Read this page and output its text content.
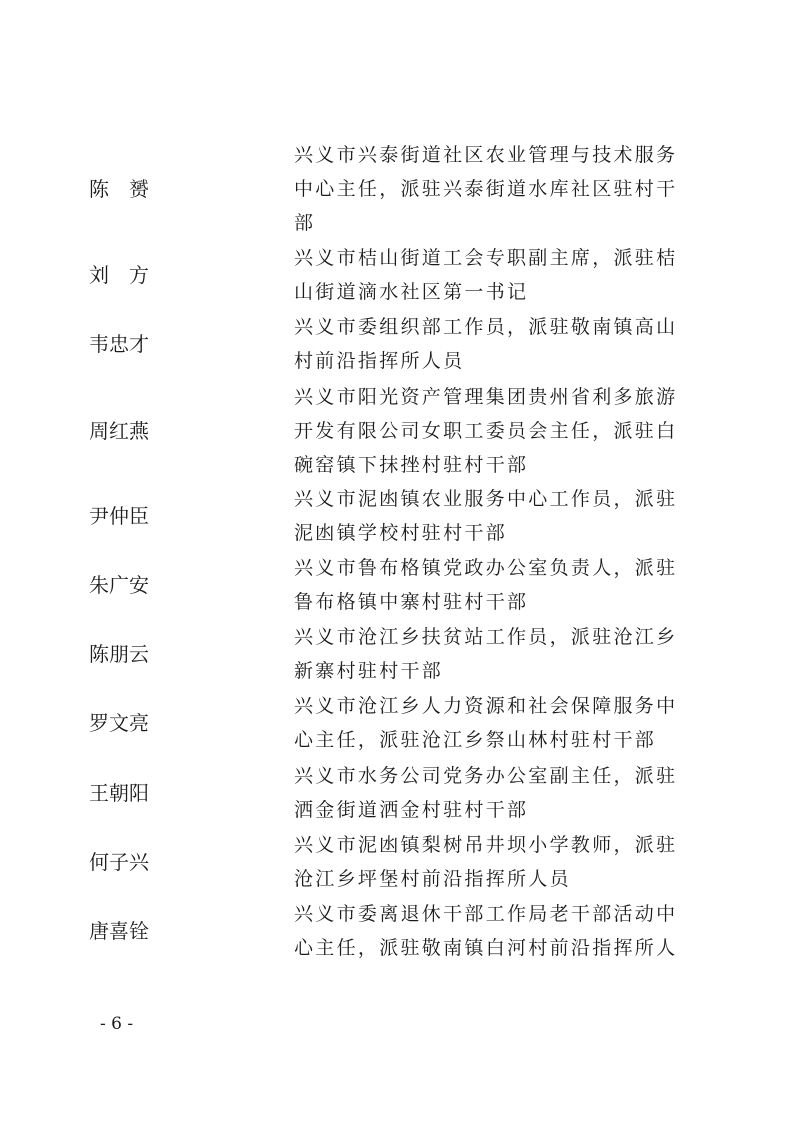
陈　赟
兴义市兴泰街道社区农业管理与技术服务
中心主任，派驻兴泰街道水库社区驻村干
部
刘　方
兴义市桔山街道工会专职副主席，派驻桔
山街道滴水社区第一书记
韦忠才
兴义市委组织部工作员，派驻敬南镇高山
村前沿指挥所人员
周红燕
兴义市阳光资产管理集团贵州省利多旅游
开发有限公司女职工委员会主任，派驻白
碗窑镇下抹挫村驻村干部
尹仲臣
兴义市泥凼镇农业服务中心工作员，派驻
泥凼镇学校村驻村干部
朱广安
兴义市鲁布格镇党政办公室负责人，派驻
鲁布格镇中寨村驻村干部
陈朋云
兴义市沧江乡扶贫站工作员，派驻沧江乡
新寨村驻村干部
罗文亮
兴义市沧江乡人力资源和社会保障服务中
心主任，派驻沧江乡祭山林村驻村干部
王朝阳
兴义市水务公司党务办公室副主任，派驻
洒金街道洒金村驻村干部
何子兴
兴义市泥凼镇梨树吊井坝小学教师，派驻
沧江乡坪堡村前沿指挥所人员
唐喜铨
兴义市委离退休干部工作局老干部活动中
心主任，派驻敬南镇白河村前沿指挥所人
- 6 -
